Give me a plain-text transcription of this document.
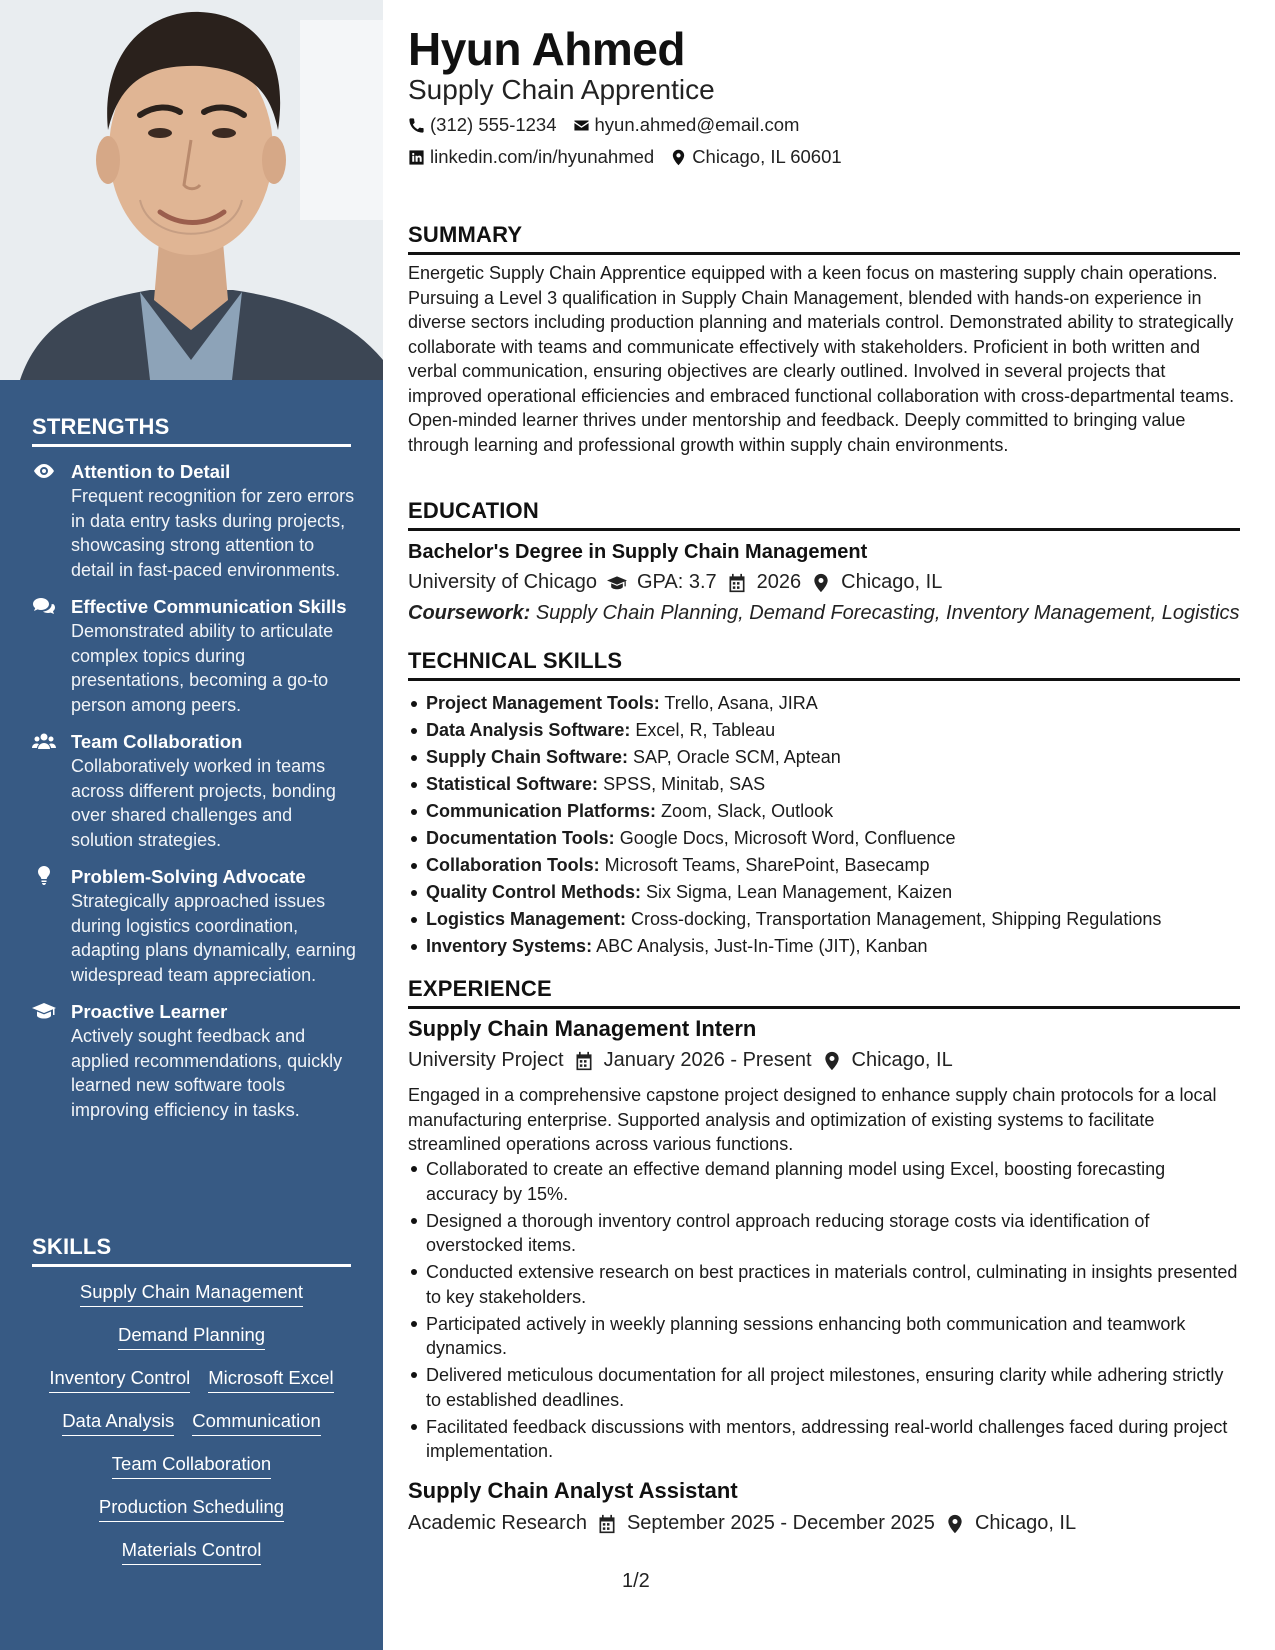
STRENGTHS
Attention to Detail
Frequent recognition for zero errors in data entry tasks during projects, showcasing strong attention to detail in fast-paced environments.
Effective Communication Skills
Demonstrated ability to articulate complex topics during presentations, becoming a go-to person among peers.
Team Collaboration
Collaboratively worked in teams across different projects, bonding over shared challenges and solution strategies.
Problem-Solving Advocate
Strategically approached issues during logistics coordination, adapting plans dynamically, earning widespread team appreciation.
Proactive Learner
Actively sought feedback and applied recommendations, quickly learned new software tools improving efficiency in tasks.
SKILLS
Supply Chain Management
Demand Planning
Inventory Control Microsoft Excel
Data Analysis Communication
Team Collaboration
Production Scheduling
Materials Control
Hyun Ahmed
Supply Chain Apprentice
(312) 555-1234 hyun.ahmed@email.com
linkedin.com/in/hyunahmed Chicago, IL 60601
SUMMARY

Energetic Supply Chain Apprentice equipped with a keen focus on mastering supply chain operations. Pursuing a Level 3 qualification in Supply Chain Management, blended with hands-on experience in diverse sectors including production planning and materials control. Demonstrated ability to strategically collaborate with teams and communicate effectively with stakeholders. Proficient in both written and verbal communication, ensuring objectives are clearly outlined. Involved in several projects that improved operational efficiencies and embraced functional collaboration with cross-departmental teams. Open-minded learner thrives under mentorship and feedback. Deeply committed to bringing value through learning and professional growth within supply chain environments.

EDUCATION
Bachelor's Degree in Supply Chain Management
University of Chicago GPA: 3.7 2026 Chicago, IL
Coursework: Supply Chain Planning, Demand Forecasting, Inventory Management, Logistics
TECHNICAL SKILLS
Project Management Tools: Trello, Asana, JIRA
Data Analysis Software: Excel, R, Tableau
Supply Chain Software: SAP, Oracle SCM, Aptean
Statistical Software: SPSS, Minitab, SAS
Communication Platforms: Zoom, Slack, Outlook
Documentation Tools: Google Docs, Microsoft Word, Confluence
Collaboration Tools: Microsoft Teams, SharePoint, Basecamp
Quality Control Methods: Six Sigma, Lean Management, Kaizen
Logistics Management: Cross-docking, Transportation Management, Shipping Regulations
Inventory Systems: ABC Analysis, Just-In-Time (JIT), Kanban
EXPERIENCE
Supply Chain Management Intern
University Project January 2026 - Present Chicago, IL

Engaged in a comprehensive capstone project designed to enhance supply chain protocols for a local manufacturing enterprise. Supported analysis and optimization of existing systems to facilitate streamlined operations across various functions.

Collaborated to create an effective demand planning model using Excel, boosting forecasting accuracy by 15%.
Designed a thorough inventory control approach reducing storage costs via identification of overstocked items.
Conducted extensive research on best practices in materials control, culminating in insights presented to key stakeholders.
Participated actively in weekly planning sessions enhancing both communication and teamwork dynamics.
Delivered meticulous documentation for all project milestones, ensuring clarity while adhering strictly to established deadlines.
Facilitated feedback discussions with mentors, addressing real-world challenges faced during project implementation.
Supply Chain Analyst Assistant
Academic Research September 2025 - December 2025 Chicago, IL
1/2
